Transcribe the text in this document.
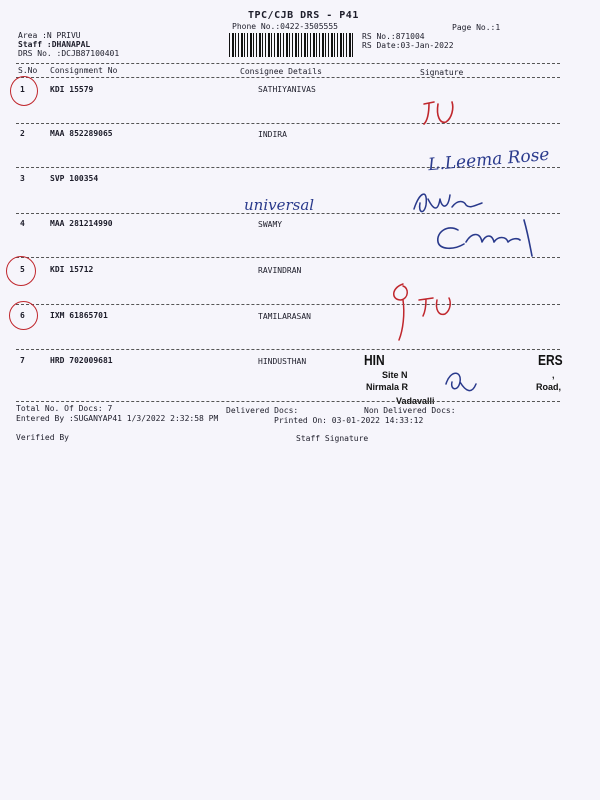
TPC/CJB DRS - P41
Phone No.:0422-3505555	Page No.:1
Area :N PRIVU
Staff :DHANAPAL
DRS No. :DCJB87100401
RS No.:871004
RS Date:03-Jan-2022
S.No Consignment No	Consignee Details	Signature
1	KDI 15579	SATHIYANIVAS
2	MAA 852289065	INDIRA
3	SVP 100354
4	MAA 281214990	SWAMY
5	KDI 15712	RAVINDRAN
6	IXM 61865701	TAMILARASAN
7	HRD 702009681	HINDUSTHAN
L.Leema Rose
universal
HIN	ERS
Site N	,
Nirmala R	Road,
Vadavalli
Total No. Of Docs: 7	Delivered Docs:	Non Delivered Docs:
Entered By :SUGANYAP41 1/3/2022 2:32:58 PM	Printed On: 03-01-2022 14:33:12
Verified By	Staff Signature
